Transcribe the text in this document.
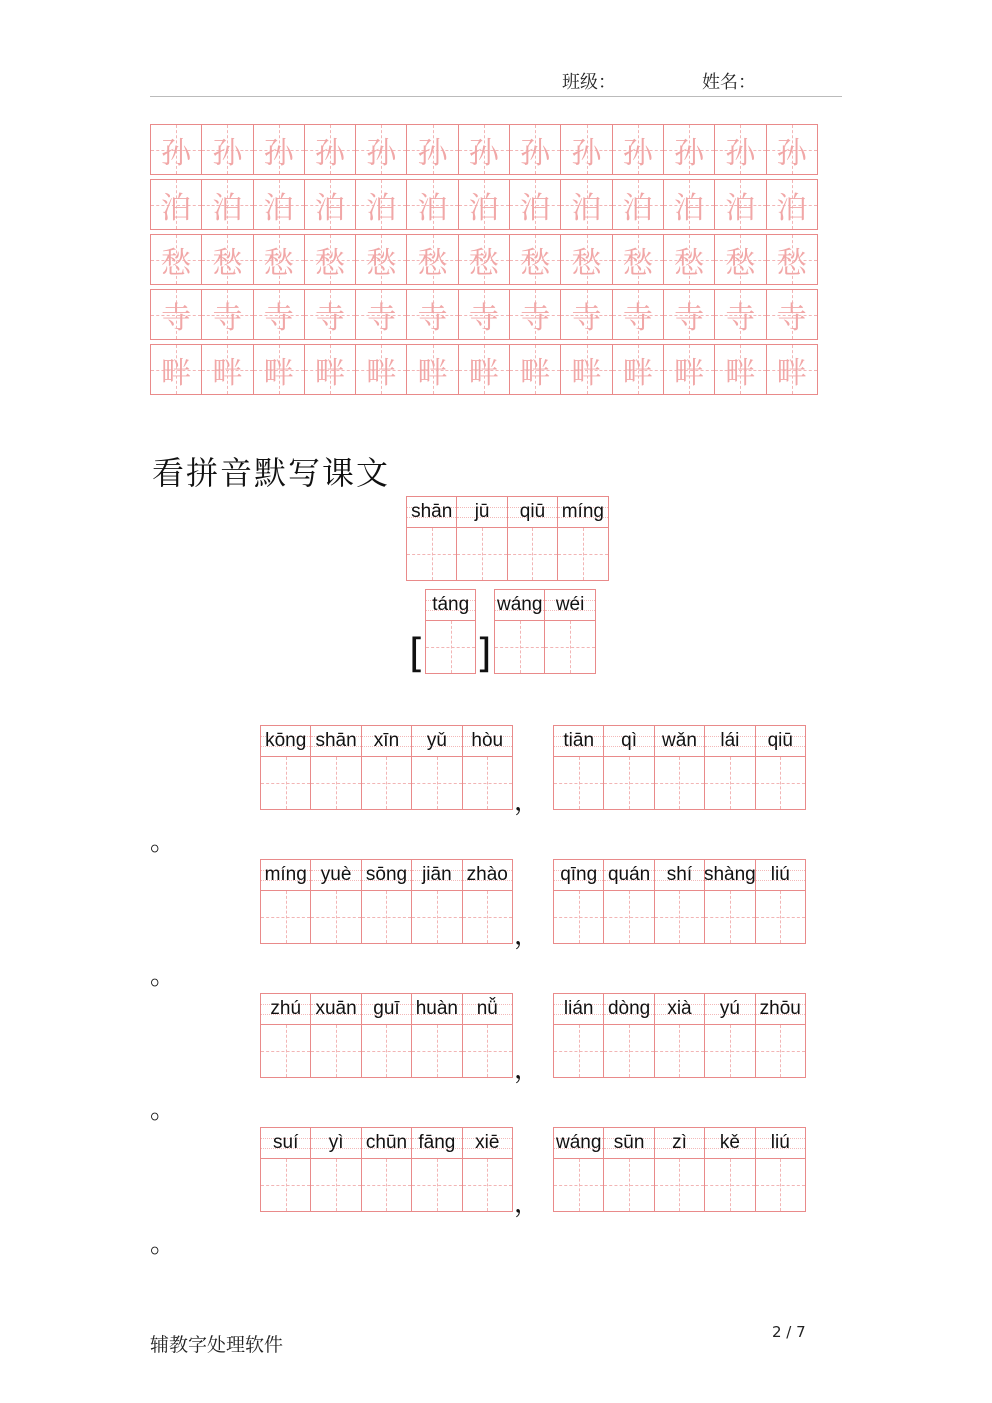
班级：	姓名：
孙 孙 孙 孙 孙 孙 孙 孙 孙 孙 孙 孙 孙
泊 泊 泊 泊 泊 泊 泊 泊 泊 泊 泊 泊 泊
愁 愁 愁 愁 愁 愁 愁 愁 愁 愁 愁 愁 愁
寺 寺 寺 寺 寺 寺 寺 寺 寺 寺 寺 寺 寺
畔 畔 畔 畔 畔 畔 畔 畔 畔 畔 畔 畔 畔
看拼音默写课文
shān jū qiū míng
[
táng
]
wáng wéi
kōng shān xīn yǔ hòu
，
tiān qì wǎn lái qiū
。
míng yuè sōng jiān zhào
，
qīng quán shí shàng liú
。
zhú xuān guī huàn nǚ
，
lián dòng xià yú zhōu
。
suí yì chūn fāng xiē
，
wáng sūn zì kě liú
。
辅教字处理软件
2 / 7
